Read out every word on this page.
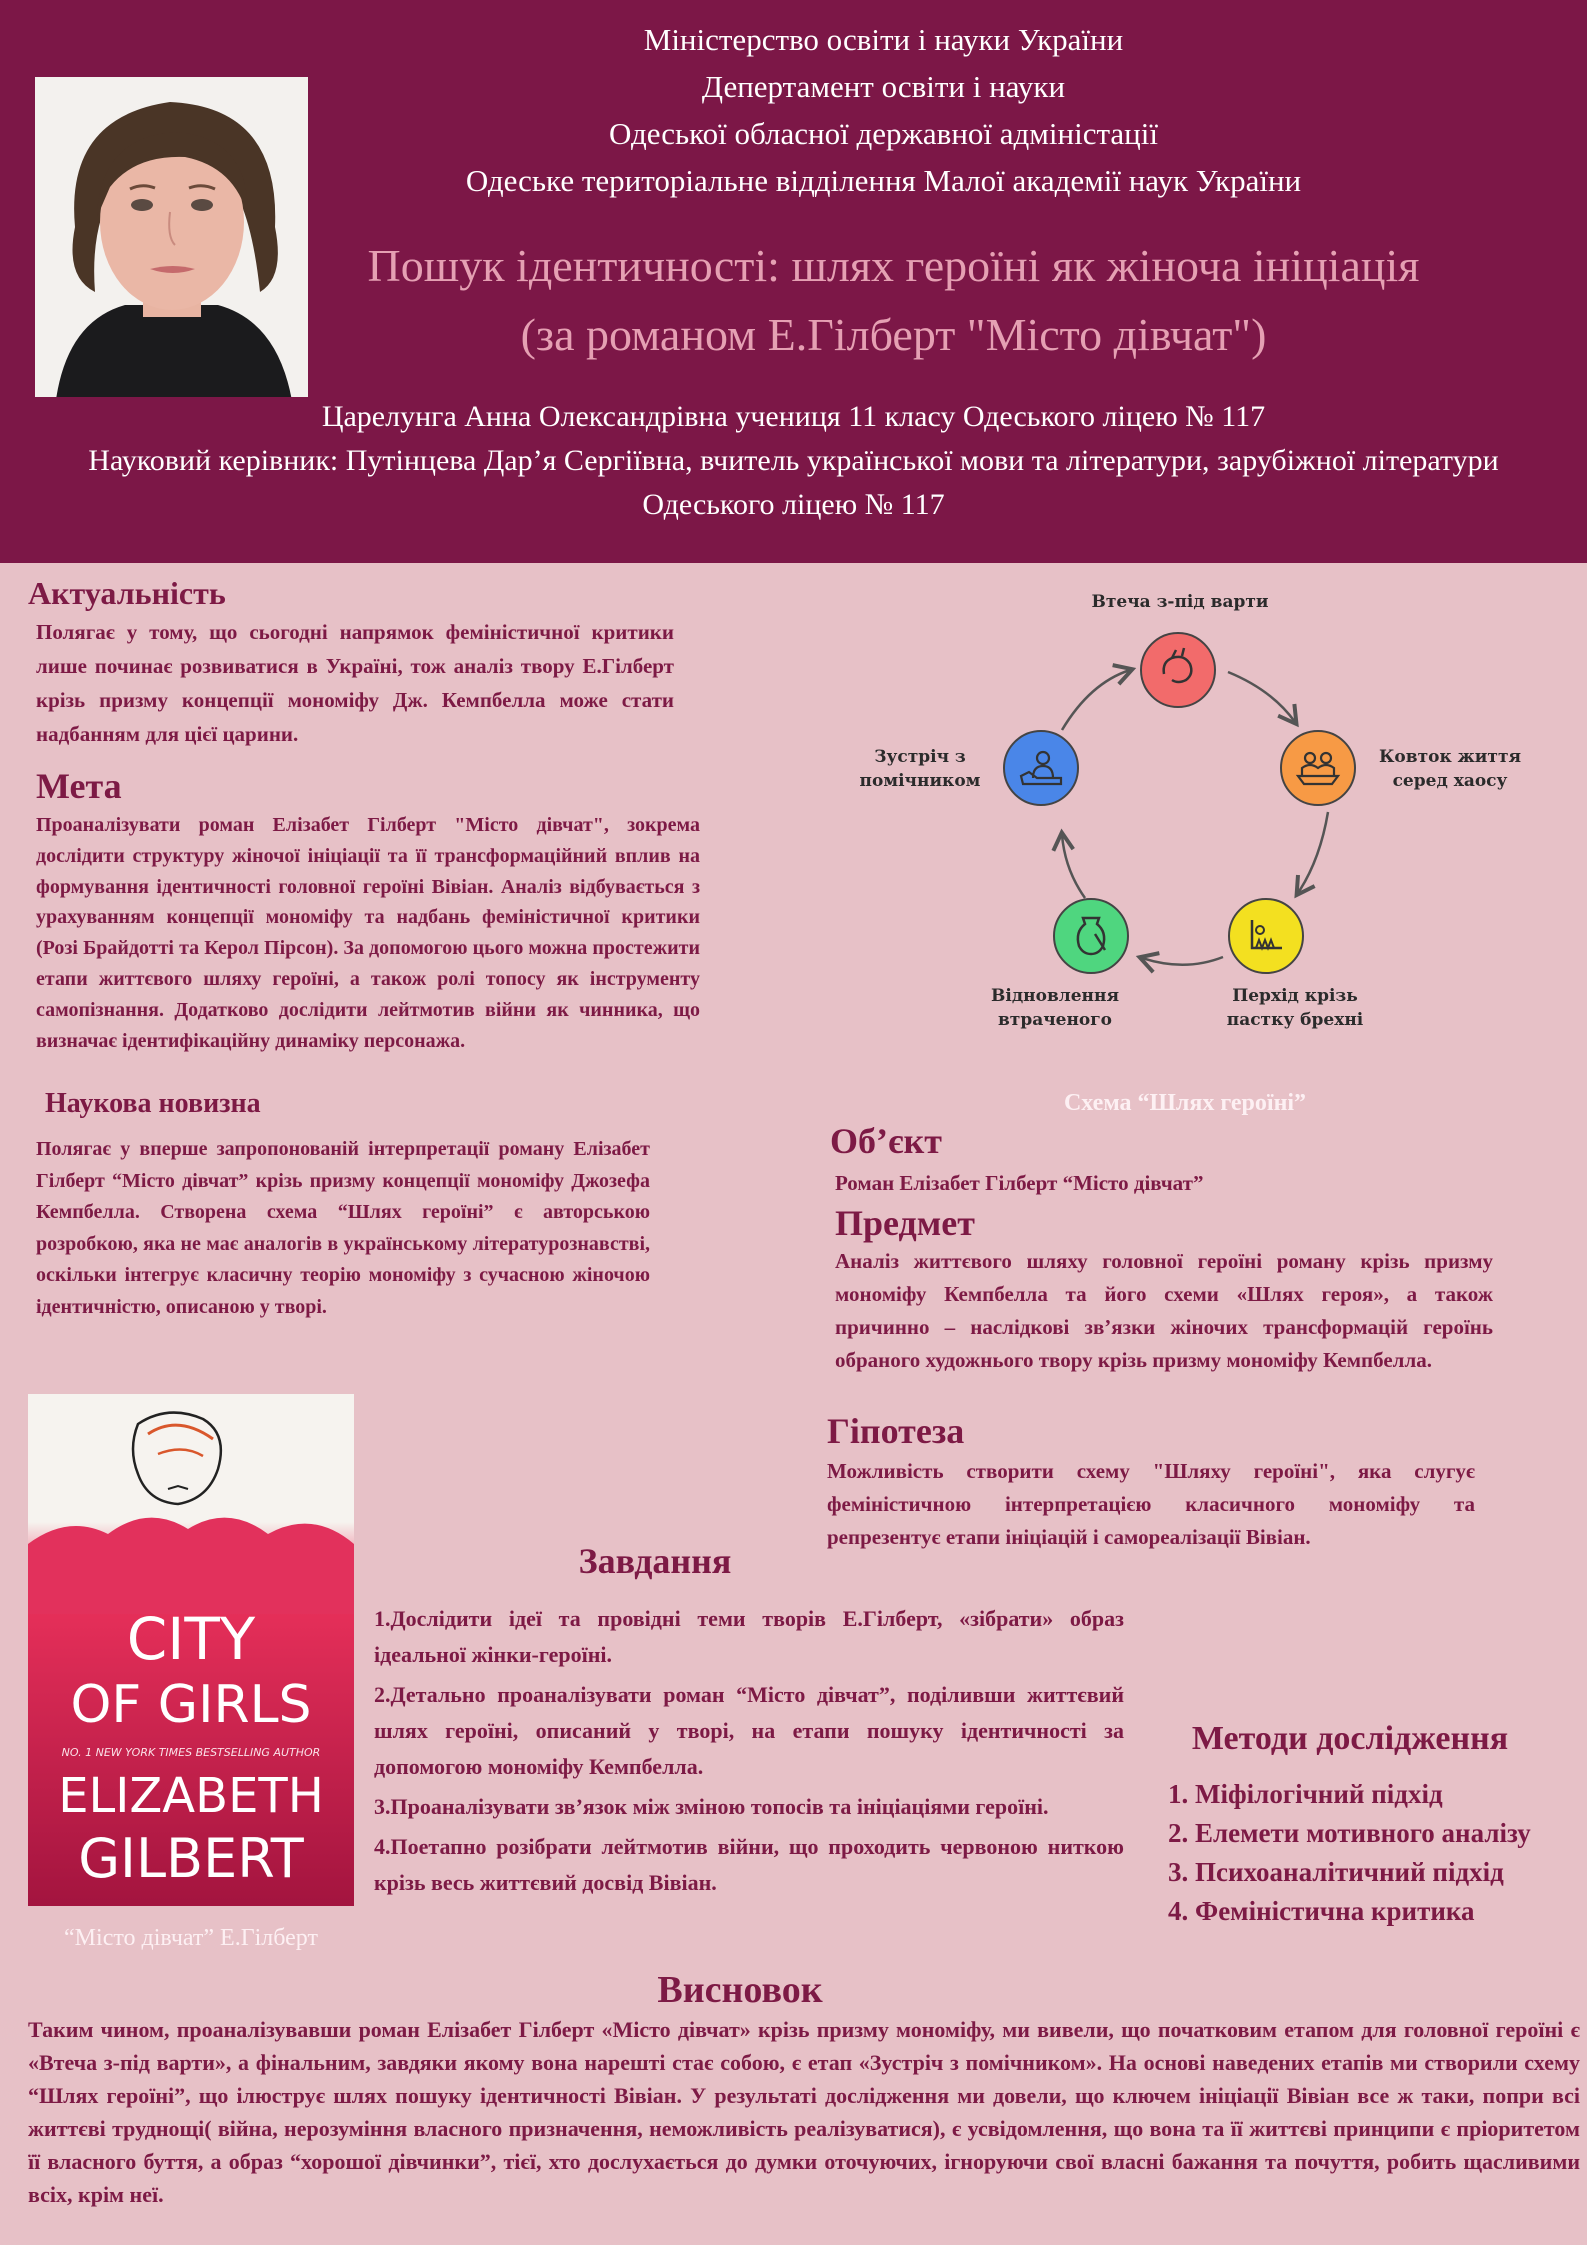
Міністерство освіти і науки України
Депертамент освіти і науки
Одеської обласної державної адміністації
Одеське територіальне відділення Малої академії наук України
Пошук ідентичності: шлях героїні як жіноча ініціація
(за романом Е.Гілберт "Місто дівчат")
Царелунга Анна Олександрівна учениця 11 класу Одеського ліцею № 117
Науковий керівник: Путінцева Дар’я Сергіївна, вчитель української мови та літератури, зарубіжної літератури
Одеського ліцею № 117
Актуальність

Полягає у тому, що сьогодні напрямок феміністичної критики лише починає розвиватися в Україні, тож аналіз твору Е.Гілберт крізь призму концепції мономіфу Дж. Кемпбелла може стати надбанням для цієї царини.

Мета

Проаналізувати роман Елізабет Гілберт "Місто дівчат", зокрема дослідити структуру жіночої ініціації та її трансформаційний вплив на формування ідентичності головної героїні Вівіан. Аналіз відбувається з урахуванням концепції мономіфу та надбань феміністичної критики (Розі Брайдотті та Керол Пірсон). За допомогою цього можна простежити етапи життєвого шляху героїні, а також ролі топосу як інструменту самопізнання. Додатково дослідити лейтмотив війни як чинника, що визначає ідентифікаційну динаміку персонажа.

Наукова новизна

Полягає у вперше запропонованій інтерпретації роману Елізабет Гілберт “Місто дівчат” крізь призму концепції мономіфу Джозефа Кемпбелла. Створена схема “Шлях героїні” є авторською розробкою, яка не має аналогів в українському літературознавстві, оскільки інтегрує класичну теорію мономіфу з сучасною жіночою ідентичністю, описаною у творі.

Втеча з-під варти
Ковток життя серед хаосу
Перхід крізь пастку брехні
Відновлення втраченого
Зустріч з помічником
Схема “Шлях героїні”
Об’єкт

Роман Елізабет Гілберт “Місто дівчат”

Предмет

Аналіз життєвого шляху головної героїні роману крізь призму мономіфу Кемпбелла та його схеми «Шлях героя», а також причинно – наслідкові зв’язки жіночих трансформацій героїнь обраного художнього твору крізь призму мономіфу Кемпбелла.

Гіпотеза

Можливість створити схему "Шляху героїні", яка слугує феміністичною інтерпретацією класичного мономіфу та репрезентує етапи ініціацій і самореалізації Вівіан.

CITY
OF GIRLS
NO. 1 NEW YORK TIMES BESTSELLING AUTHOR
ELIZABETH
GILBERT
“Місто дівчат” Е.Гілберт
Завдання

1.Дослідити ідеї та провідні теми творів Е.Гілберт, «зібрати» образ ідеальної жінки-героїні.

2.Детально проаналізувати роман “Місто дівчат”, поділивши життєвий шлях героїні, описаний у творі, на етапи пошуку ідентичності за допомогою мономіфу Кемпбелла.

3.Проаналізувати зв’язок між зміною топосів та ініціаціями героїні.

4.Поетапно розібрати лейтмотив війни, що проходить червоною ниткою крізь весь життєвий досвід Вівіан.

Методи дослідження
1. Міфілогічний підхід
2. Елемети мотивного аналізу
3. Психоаналітичний підхід
4. Феміністична критика
Висновок

Таким чином, проаналізувавши роман Елізабет Гілберт «Місто дівчат» крізь призму мономіфу, ми вивели, що початковим етапом для головної героїні є «Втеча з-під варти», а фінальним, завдяки якому вона нарешті стає собою, є етап «Зустріч з помічником». На основі наведених етапів ми створили схему “Шлях героїні”, що ілюструє шлях пошуку ідентичності Вівіан. У результаті дослідження ми довели, що ключем ініціації Вівіан все ж таки, попри всі життєві труднощі( війна, нерозуміння власного призначення, неможливість реалізуватися), є усвідомлення, що вона та її життєві принципи є пріоритетом її власного буття, а образ “хорошої дівчинки”, тієї, хто дослухається до думки оточуючих, ігноруючи свої власні бажання та почуття, робить щасливими всіх, крім неї.
